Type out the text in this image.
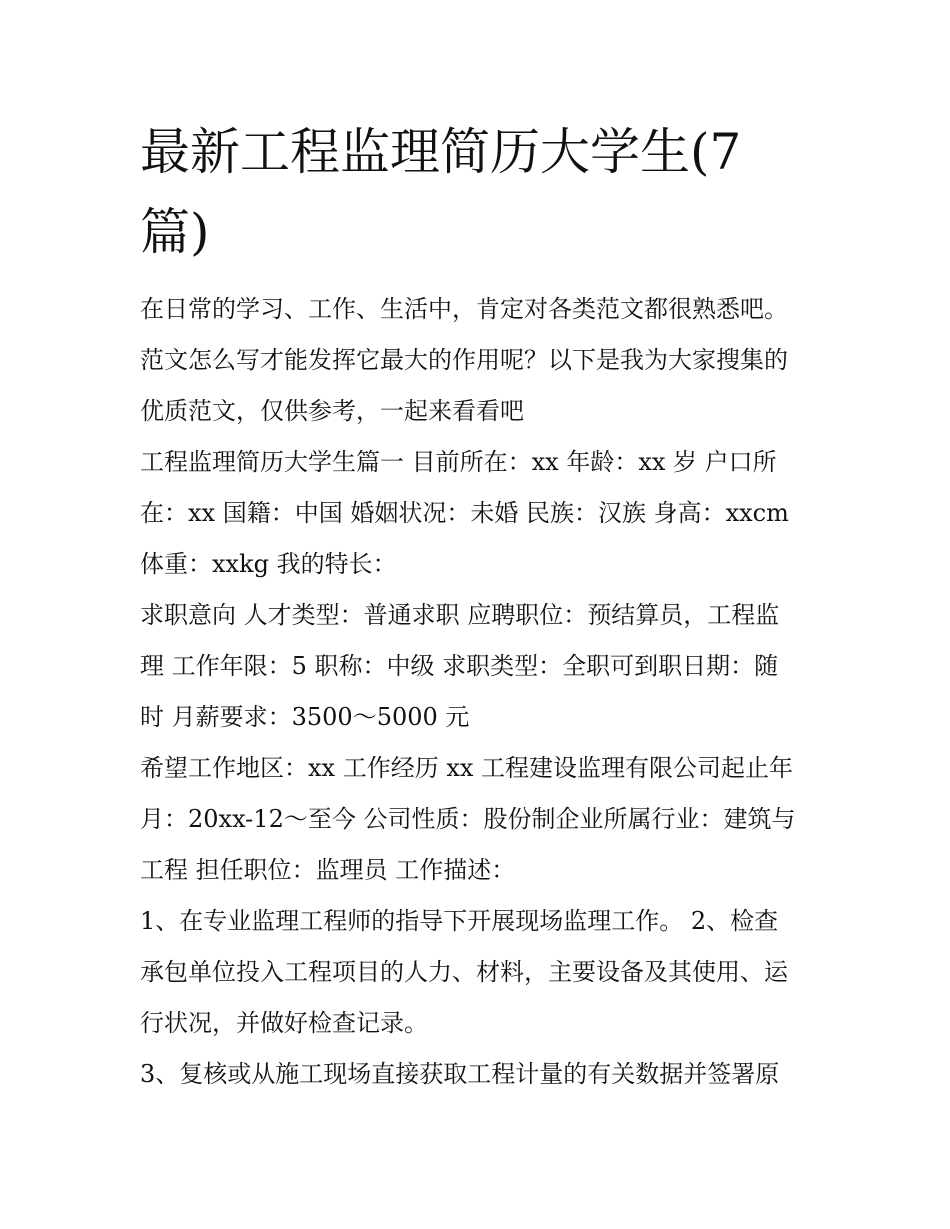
最新工程监理简历大学生(7
篇)

在日常的学习、工作、生活中，肯定对各类范文都很熟悉吧。
范文怎么写才能发挥它最大的作用呢？以下是我为大家搜集的
优质范文，仅供参考，一起来看看吧

工程监理简历大学生篇一 目前所在：xx 年龄：xx 岁 户口所
在：xx 国籍：中国 婚姻状况：未婚 民族：汉族 身高：xxcm
体重：xxkg 我的特长：

求职意向 人才类型：普通求职 应聘职位：预结算员，工程监
理 工作年限：5 职称：中级 求职类型：全职可到职日期：随
时 月薪要求：3500～5000 元

希望工作地区：xx 工作经历 xx 工程建设监理有限公司起止年
月：20xx-12～至今 公司性质：股份制企业所属行业：建筑与
工程 担任职位：监理员 工作描述：

1、在专业监理工程师的指导下开展现场监理工作。 2、检查
承包单位投入工程项目的人力、材料，主要设备及其使用、运
行状况，并做好检查记录。

3、复核或从施工现场直接获取工程计量的有关数据并签署原
